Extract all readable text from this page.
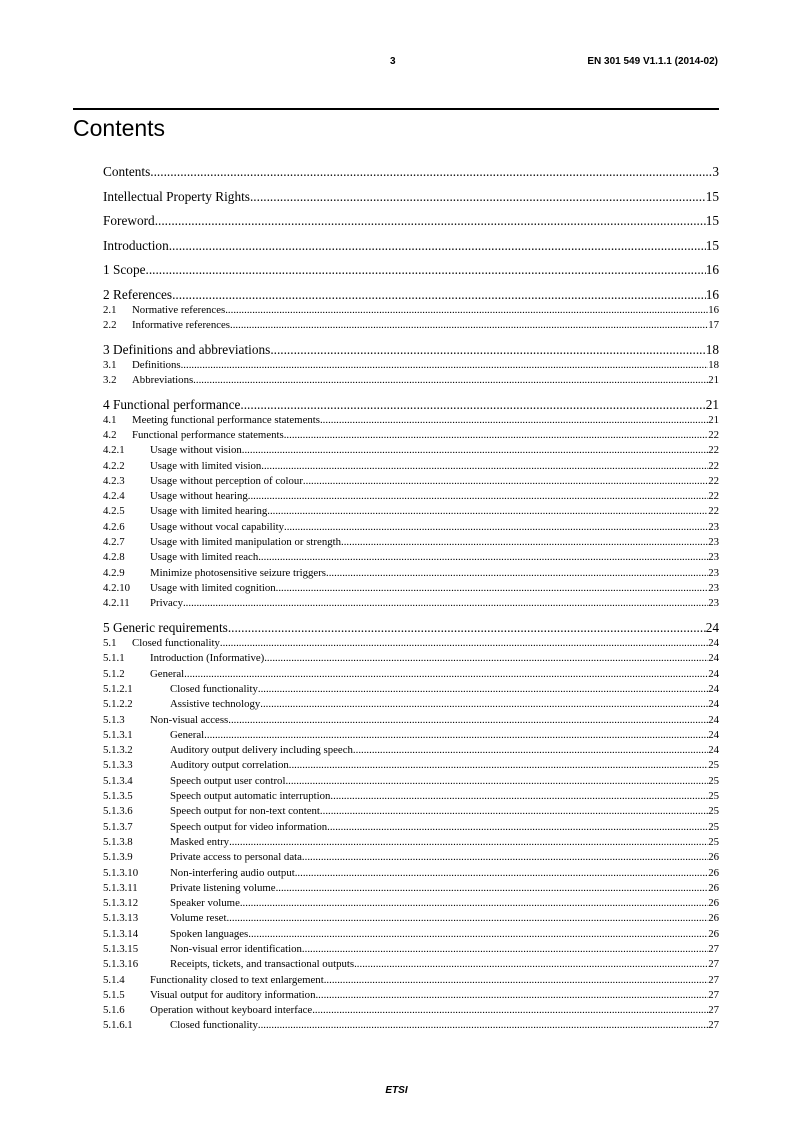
3	EN 301 549 V1.1.1 (2014-02)
Contents
Contents .....	3
Intellectual Property Rights .....	15
Foreword .....	15
Introduction .....	15
1 Scope .....	16
2 References .....	16
2.1	Normative references .....	16
2.2	Informative references .....	17
3 Definitions and abbreviations .....	18
3.1	Definitions .....	18
3.2	Abbreviations .....	21
4 Functional performance .....	21
4.1	Meeting functional performance statements .....	21
4.2	Functional performance statements .....	22
4.2.1	Usage without vision .....	22
4.2.2	Usage with limited vision .....	22
4.2.3	Usage without perception of colour .....	22
4.2.4	Usage without hearing .....	22
4.2.5	Usage with limited hearing .....	22
4.2.6	Usage without vocal capability .....	23
4.2.7	Usage with limited manipulation or strength .....	23
4.2.8	Usage with limited reach .....	23
4.2.9	Minimize photosensitive seizure triggers .....	23
4.2.10	Usage with limited cognition .....	23
4.2.11	Privacy .....	23
5 Generic requirements .....	24
5.1	Closed functionality .....	24
5.1.1	Introduction (Informative) .....	24
5.1.2	General .....	24
5.1.2.1	Closed functionality .....	24
5.1.2.2	Assistive technology .....	24
5.1.3	Non-visual access .....	24
5.1.3.1	General .....	24
5.1.3.2	Auditory output delivery including speech .....	24
5.1.3.3	Auditory output correlation .....	25
5.1.3.4	Speech output user control .....	25
5.1.3.5	Speech output automatic interruption .....	25
5.1.3.6	Speech output for non-text content .....	25
5.1.3.7	Speech output for video information .....	25
5.1.3.8	Masked entry .....	25
5.1.3.9	Private access to personal data .....	26
5.1.3.10	Non-interfering audio output .....	26
5.1.3.11	Private listening volume .....	26
5.1.3.12	Speaker volume .....	26
5.1.3.13	Volume reset .....	26
5.1.3.14	Spoken languages .....	26
5.1.3.15	Non-visual error identification .....	27
5.1.3.16	Receipts, tickets, and transactional outputs .....	27
5.1.4	Functionality closed to text enlargement .....	27
5.1.5	Visual output for auditory information .....	27
5.1.6	Operation without keyboard interface .....	27
5.1.6.1	Closed functionality .....	27
ETSI
